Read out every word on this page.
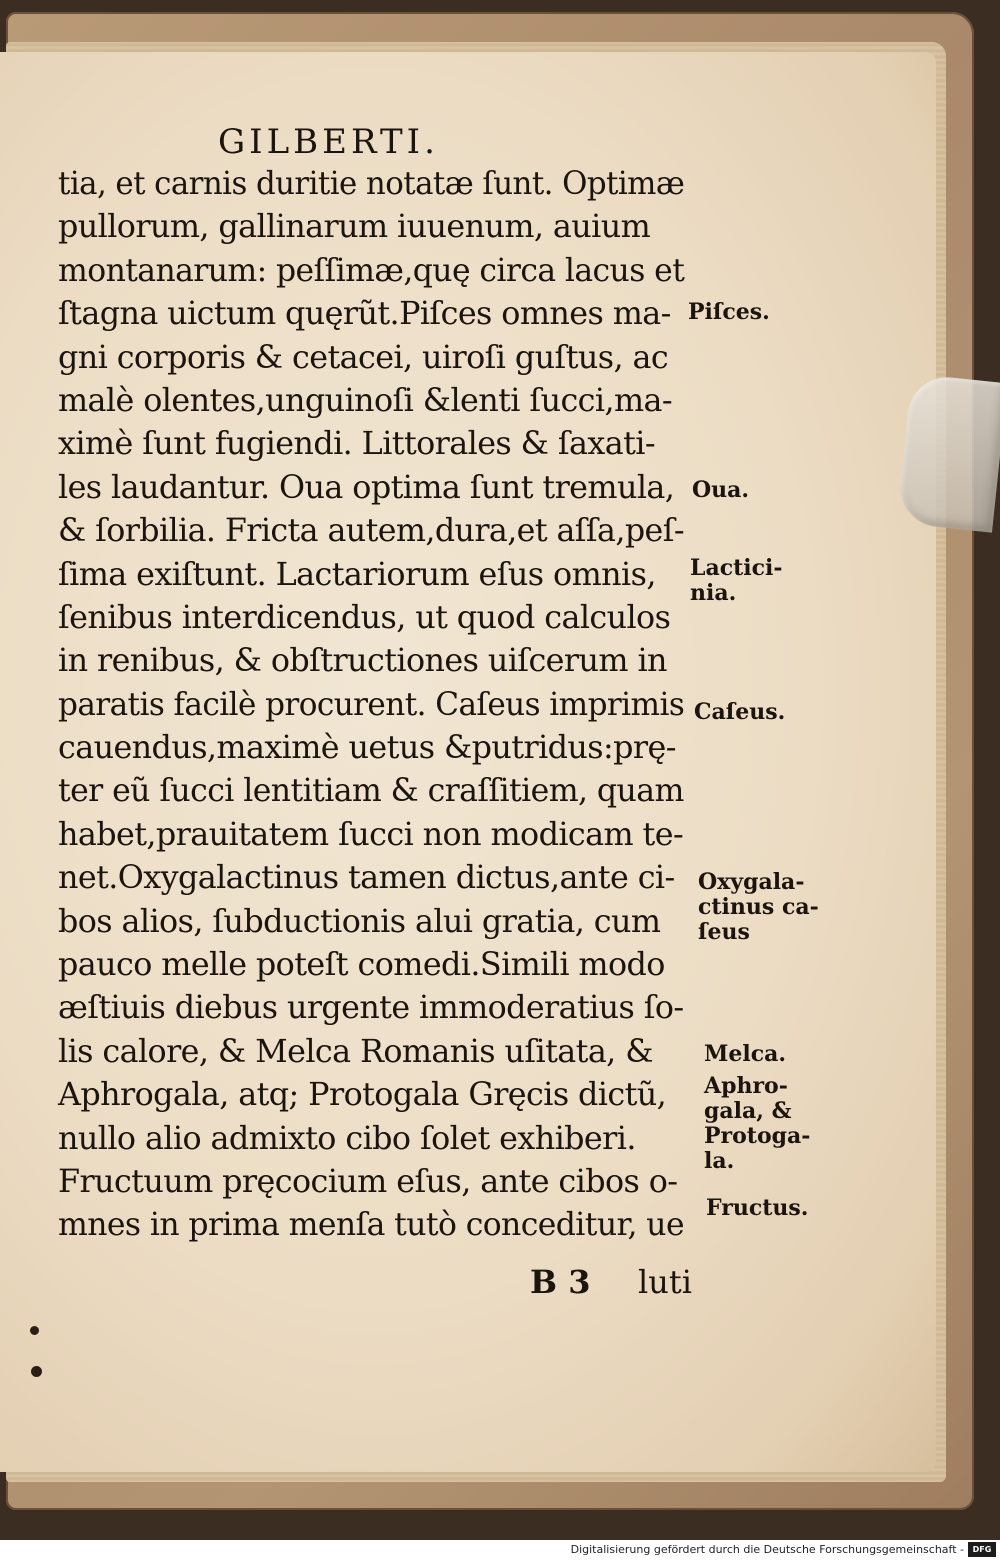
GILBERTI.
tia, et carnis duritie notatæ ſunt. Optimæ
pullorum, gallinarum iuuenum, auium
montanarum: peſſimæ,quę circa lacus et
ſtagna uictum quęrũt.Piſces omnes ma-
gni corporis & cetacei, uiroſi guſtus, ac
malè olentes,unguinoſi &lenti ſucci,ma-
ximè ſunt fugiendi. Littorales & ſaxati-
les laudantur. Oua optima ſunt tremula,
& ſorbilia. Fricta autem,dura,et aſſa,peſ-
ſima exiſtunt. Lactariorum eſus omnis,
ſenibus interdicendus, ut quod calculos
in renibus, & obſtructiones uiſcerum in
paratis facilè procurent. Caſeus imprimis
cauendus,maximè uetus &putridus:prę-
ter eũ ſucci lentitiam & craſſitiem, quam
habet,prauitatem ſucci non modicam te-
net.Oxygalactinus tamen dictus,ante ci-
bos alios, ſubductionis alui gratia, cum
pauco melle poteſt comedi.Simili modo
æſtiuis diebus urgente immoderatius ſo-
lis calore, & Melca Romanis uſitata, &
Aphrogala, atq; Protogala Gręcis dictũ,
nullo alio admixto cibo ſolet exhiberi.
Fructuum pręcocium eſus, ante cibos o-
mnes in prima menſa tutò conceditur, ue
Piſces.
Oua.
Lactici-
nia.
Caſeus.
Oxygala-
ctinus ca-
ſeus
Melca.
Aphro-
gala, &
Protoga-
la.
Fructus.
B 3 luti
Digitalisierung gefördert durch die Deutsche Forschungsgemeinschaft -	DFG
